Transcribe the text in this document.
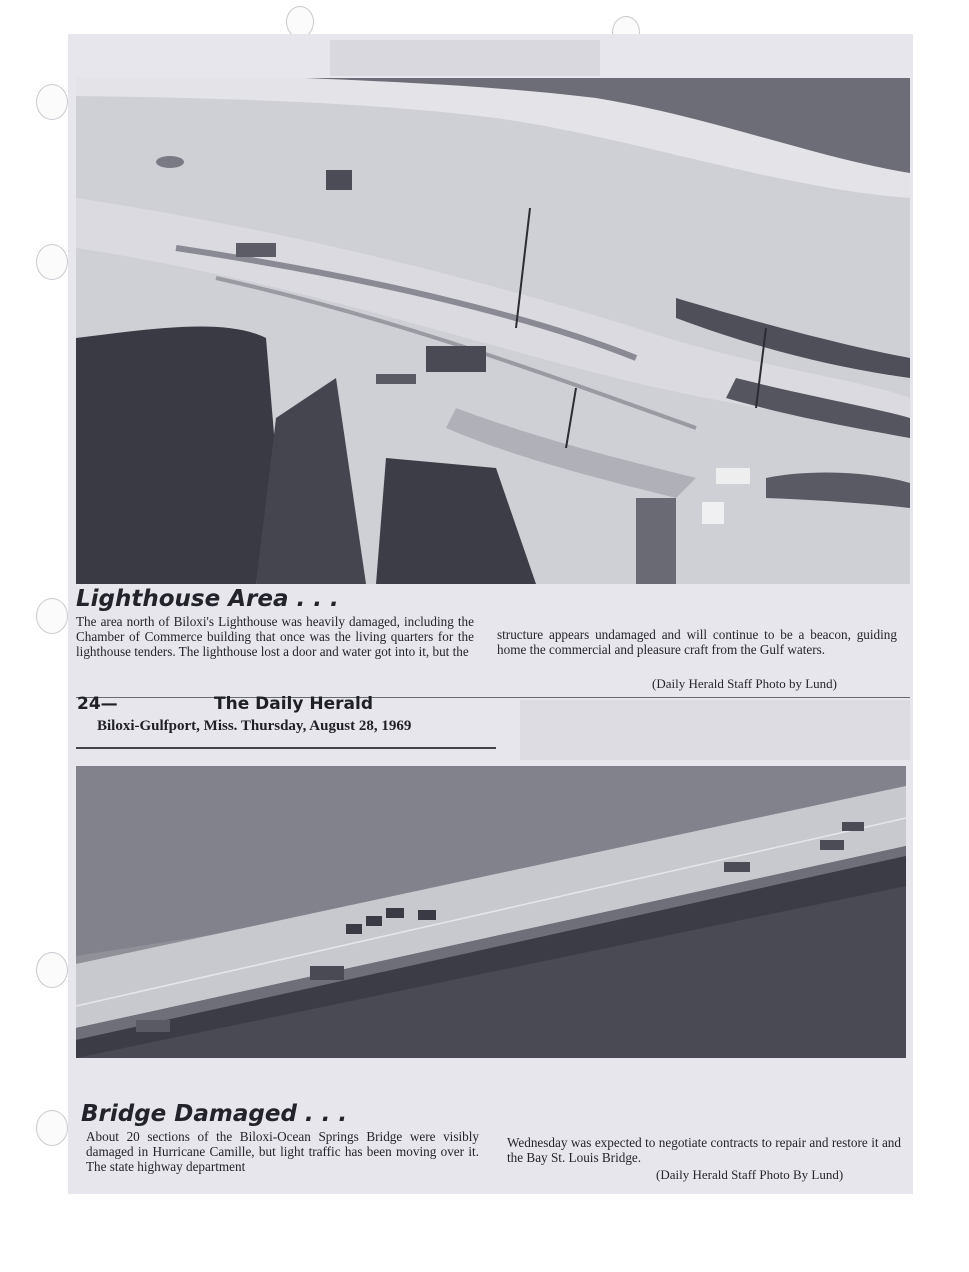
Lighthouse Area . . .
The area north of Biloxi's Lighthouse was heavily damaged, including the Chamber of Commerce building that once was the living quarters for the lighthouse tenders. The lighthouse lost a door and water got into it, but the
structure appears undamaged and will continue to be a beacon, guiding home the commercial and pleasure craft from the Gulf waters.
(Daily Herald Staff Photo by Lund)
24—	The Daily Herald
Biloxi-Gulfport, Miss. Thursday, August 28, 1969
Bridge Damaged . . .
About 20 sections of the Biloxi-Ocean Springs Bridge were visibly damaged in Hurricane Camille, but light traffic has been moving over it. The state highway department
Wednesday was expected to negotiate contracts to repair and restore it and the Bay St. Louis Bridge.
(Daily Herald Staff Photo By Lund)
